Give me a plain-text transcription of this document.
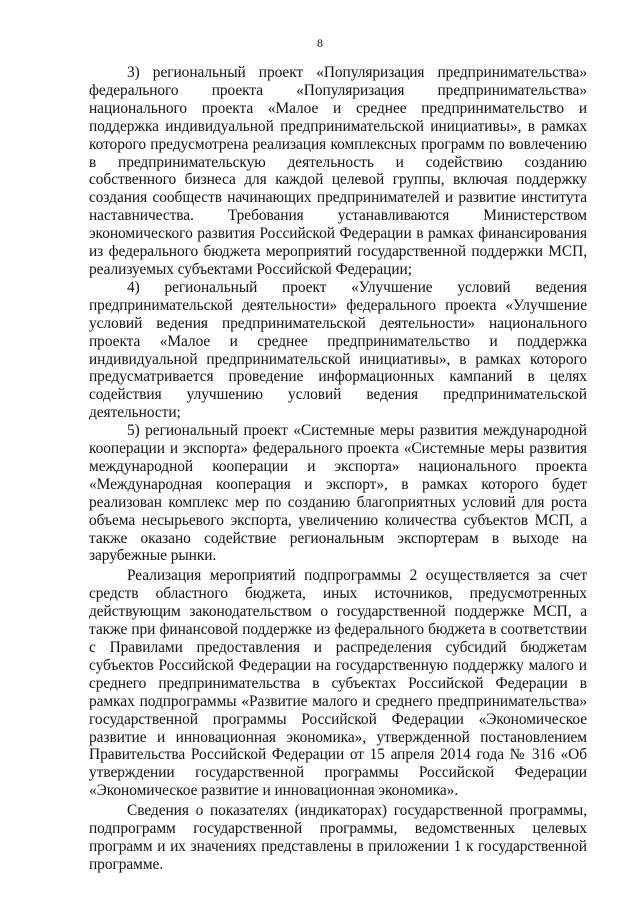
8

3) региональный проект «Популяризация предпринимательства» федерального проекта «Популяризация предпринимательства» национального проекта «Малое и среднее предпринимательство и поддержка индивидуальной предпринимательской инициативы», в рамках которого предусмотрена реализация комплексных программ по вовлечению в предпринимательскую деятельность и содействию созданию собственного бизнеса для каждой целевой группы, включая поддержку создания сообществ начинающих предпринимателей и развитие института наставничества. Требования устанавливаются Министерством экономического развития Российской Федерации в рамках финансирования из федерального бюджета мероприятий государственной поддержки МСП, реализуемых субъектами Российской Федерации;

4) региональный проект «Улучшение условий ведения предпринимательской деятельности» федерального проекта «Улучшение условий ведения предпринимательской деятельности» национального проекта «Малое и среднее предпринимательство и поддержка индивидуальной предпринимательской инициативы», в рамках которого предусматривается проведение информационных кампаний в целях содействия улучшению условий ведения предпринимательской деятельности;

5) региональный проект «Системные меры развития международной кооперации и экспорта» федерального проекта «Системные меры развития международной кооперации и экспорта» национального проекта «Международная кооперация и экспорт», в рамках которого будет реализован комплекс мер по созданию благоприятных условий для роста объема несырьевого экспорта, увеличению количества субъектов МСП, а также оказано содействие региональным экспортерам в выходе на зарубежные рынки.

Реализация мероприятий подпрограммы 2 осуществляется за счет средств областного бюджета, иных источников, предусмотренных действующим законодательством о государственной поддержке МСП, а также при финансовой поддержке из федерального бюджета в соответствии с Правилами предоставления и распределения субсидий бюджетам субъектов Российской Федерации на государственную поддержку малого и среднего предпринимательства в субъектах Российской Федерации в рамках подпрограммы «Развитие малого и среднего предпринимательства» государственной программы Российской Федерации «Экономическое развитие и инновационная экономика», утвержденной постановлением Правительства Российской Федерации от 15 апреля 2014 года № 316 «Об утверждении государственной программы Российской Федерации «Экономическое развитие и инновационная экономика».

Сведения о показателях (индикаторах) государственной программы, подпрограмм государственной программы, ведомственных целевых программ и их значениях представлены в приложении 1 к государственной программе.
